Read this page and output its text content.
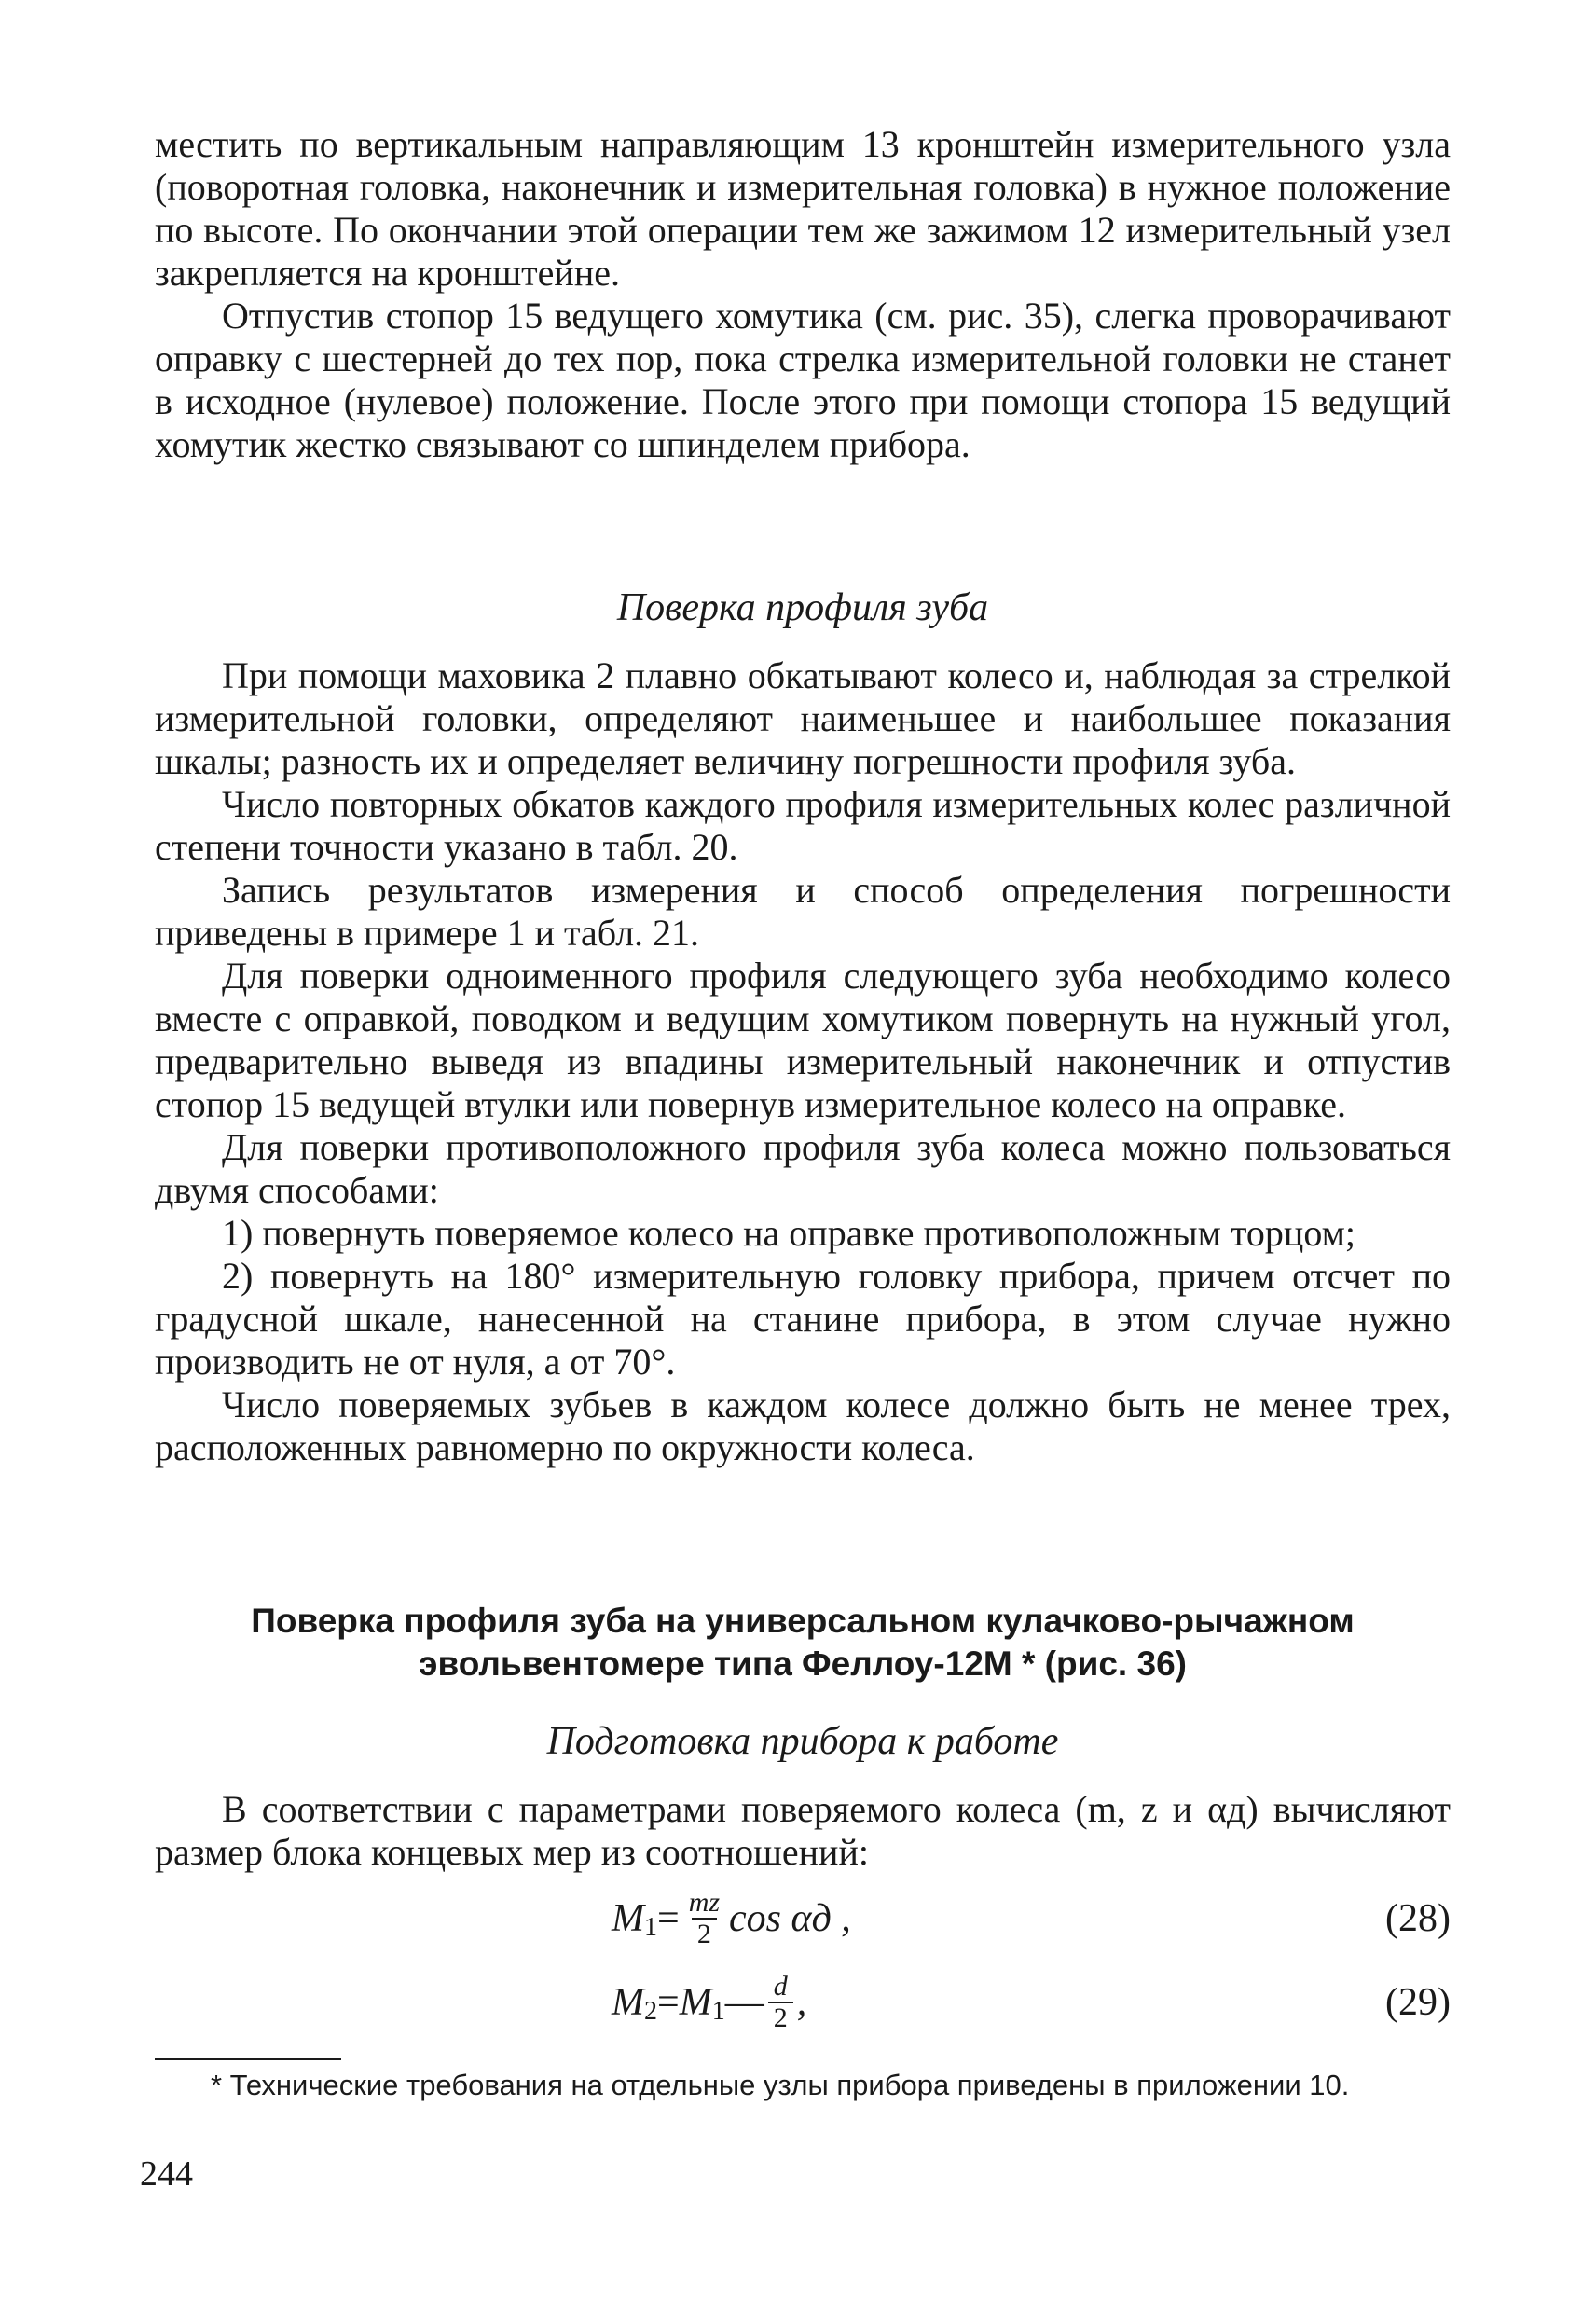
местить по вертикальным направляющим 13 кронштейн измерительного узла (поворотная головка, наконечник и измерительная головка) в нужное положение по высоте. По окончании этой операции тем же зажимом 12 измерительный узел закрепляется на кронштейне.

Отпустив стопор 15 ведущего хомутика (см. рис. 35), слегка проворачивают оправку с шестерней до тех пор, пока стрелка измерительной головки не станет в исходное (нулевое) положение. После этого при помощи стопора 15 ведущий хомутик жестко связывают со шпинделем прибора.

Поверка профиля зуба

При помощи маховика 2 плавно обкатывают колесо и, наблюдая за стрелкой измерительной головки, определяют наименьшее и наибольшее показания шкалы; разность их и определяет величину погрешности профиля зуба.

Число повторных обкатов каждого профиля измерительных колес различной степени точности указано в табл. 20.

Запись результатов измерения и способ определения погрешности приведены в примере 1 и табл. 21.

Для поверки одноименного профиля следующего зуба необходимо колесо вместе с оправкой, поводком и ведущим хомутиком повернуть на нужный угол, предварительно выведя из впадины измерительный наконечник и отпустив стопор 15 ведущей втулки или повернув измерительное колесо на оправке.

Для поверки противоположного профиля зуба колеса можно пользоваться двумя способами:

1) повернуть поверяемое колесо на оправке противоположным торцом;

2) повернуть на 180° измерительную головку прибора, причем отсчет по градусной шкале, нанесенной на станине прибора, в этом случае нужно производить не от нуля, а от 70°.

Число поверяемых зубьев в каждом колесе должно быть не менее трех, расположенных равномерно по окружности колеса.

Поверка профиля зуба на универсальном кулачково-рычажном
эвольвентомере типа Феллоу-12М * (рис. 36)
Подготовка прибора к работе

В соответствии с параметрами поверяемого колеса (m, z и αд) вычисляют размер блока концевых мер из соотношений:

M $1 = \frac{mz}{2}$ cos αд ,	(28)
M 2 = M 1 — $\frac{d}{2}$ ,	(29)
* Технические требования на отдельные узлы прибора приведены в приложении 10.
244
